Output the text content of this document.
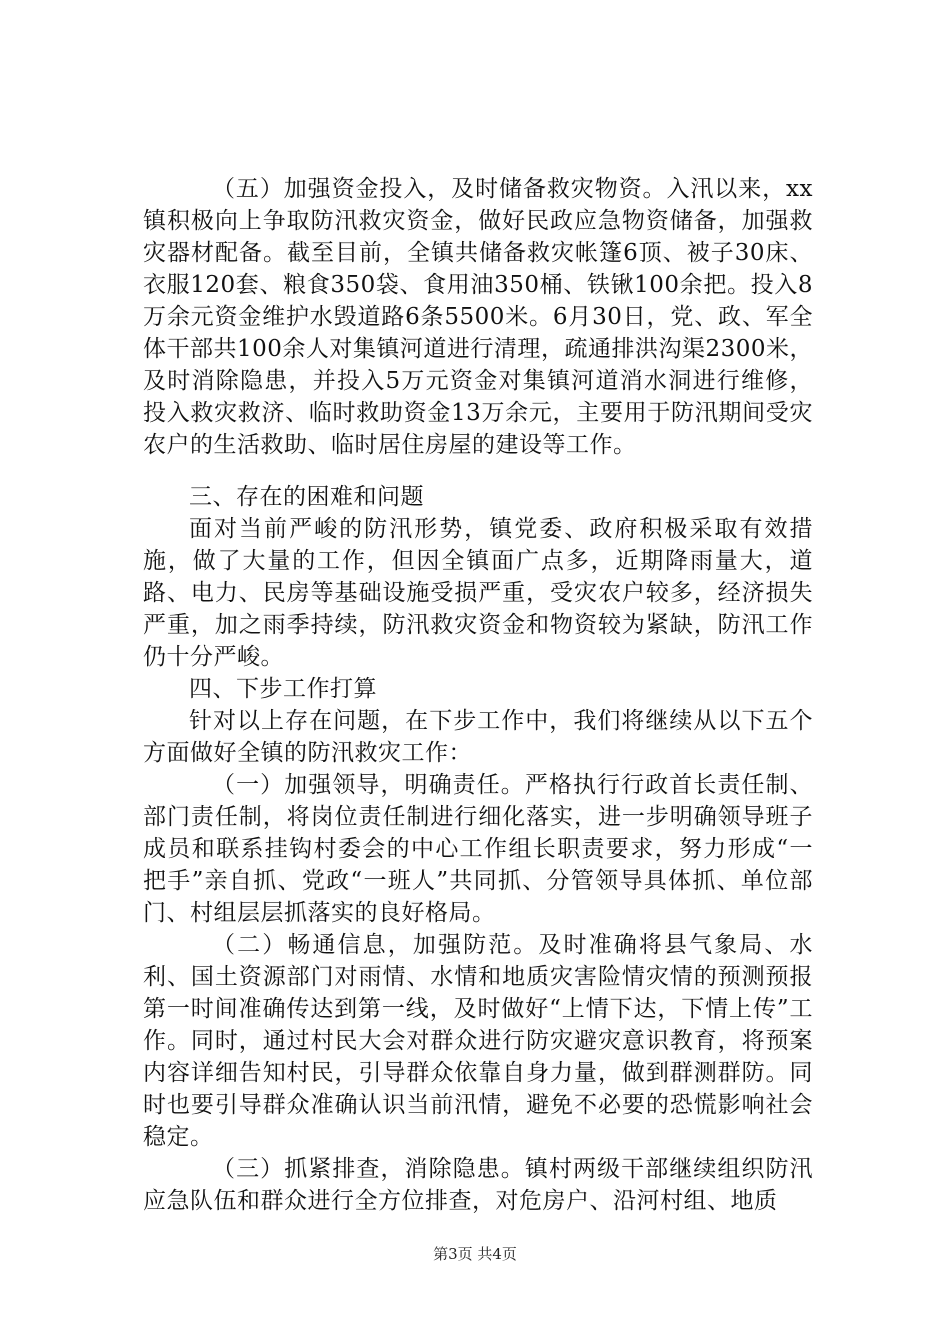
（五）加强资金投入，及时储备救灾物资。入汛以来，xx镇积极向上争取防汛救灾资金，做好民政应急物资储备，加强救灾器材配备。截至目前，全镇共储备救灾帐篷6顶、被子30床、衣服120套、粮食350袋、食用油350桶、铁锹100余把。投入8万余元资金维护水毁道路6条5500米。6月30日，党、政、军全体干部共100余人对集镇河道进行清理，疏通排洪沟渠2300米，及时消除隐患，并投入5万元资金对集镇河道消水洞进行维修，投入救灾救济、临时救助资金13万余元，主要用于防汛期间受灾农户的生活救助、临时居住房屋的建设等工作。

三、存在的困难和问题

面对当前严峻的防汛形势，镇党委、政府积极采取有效措施，做了大量的工作，但因全镇面广点多，近期降雨量大，道路、电力、民房等基础设施受损严重，受灾农户较多，经济损失严重，加之雨季持续，防汛救灾资金和物资较为紧缺，防汛工作仍十分严峻。

四、下步工作打算

针对以上存在问题，在下步工作中，我们将继续从以下五个方面做好全镇的防汛救灾工作：

（一）加强领导，明确责任。严格执行行政首长责任制、部门责任制，将岗位责任制进行细化落实，进一步明确领导班子成员和联系挂钩村委会的中心工作组长职责要求，努力形成“一把手”亲自抓、党政“一班人”共同抓、分管领导具体抓、单位部门、村组层层抓落实的良好格局。

（二）畅通信息，加强防范。及时准确将县气象局、水利、国土资源部门对雨情、水情和地质灾害险情灾情的预测预报第一时间准确传达到第一线，及时做好“上情下达，下情上传”工作。同时，通过村民大会对群众进行防灾避灾意识教育，将预案内容详细告知村民，引导群众依靠自身力量，做到群测群防。同时也要引导群众准确认识当前汛情，避免不必要的恐慌影响社会稳定。

（三）抓紧排查，消除隐患。镇村两级干部继续组织防汛应急队伍和群众进行全方位排查，对危房户、沿河村组、地质

第3页 共4页
